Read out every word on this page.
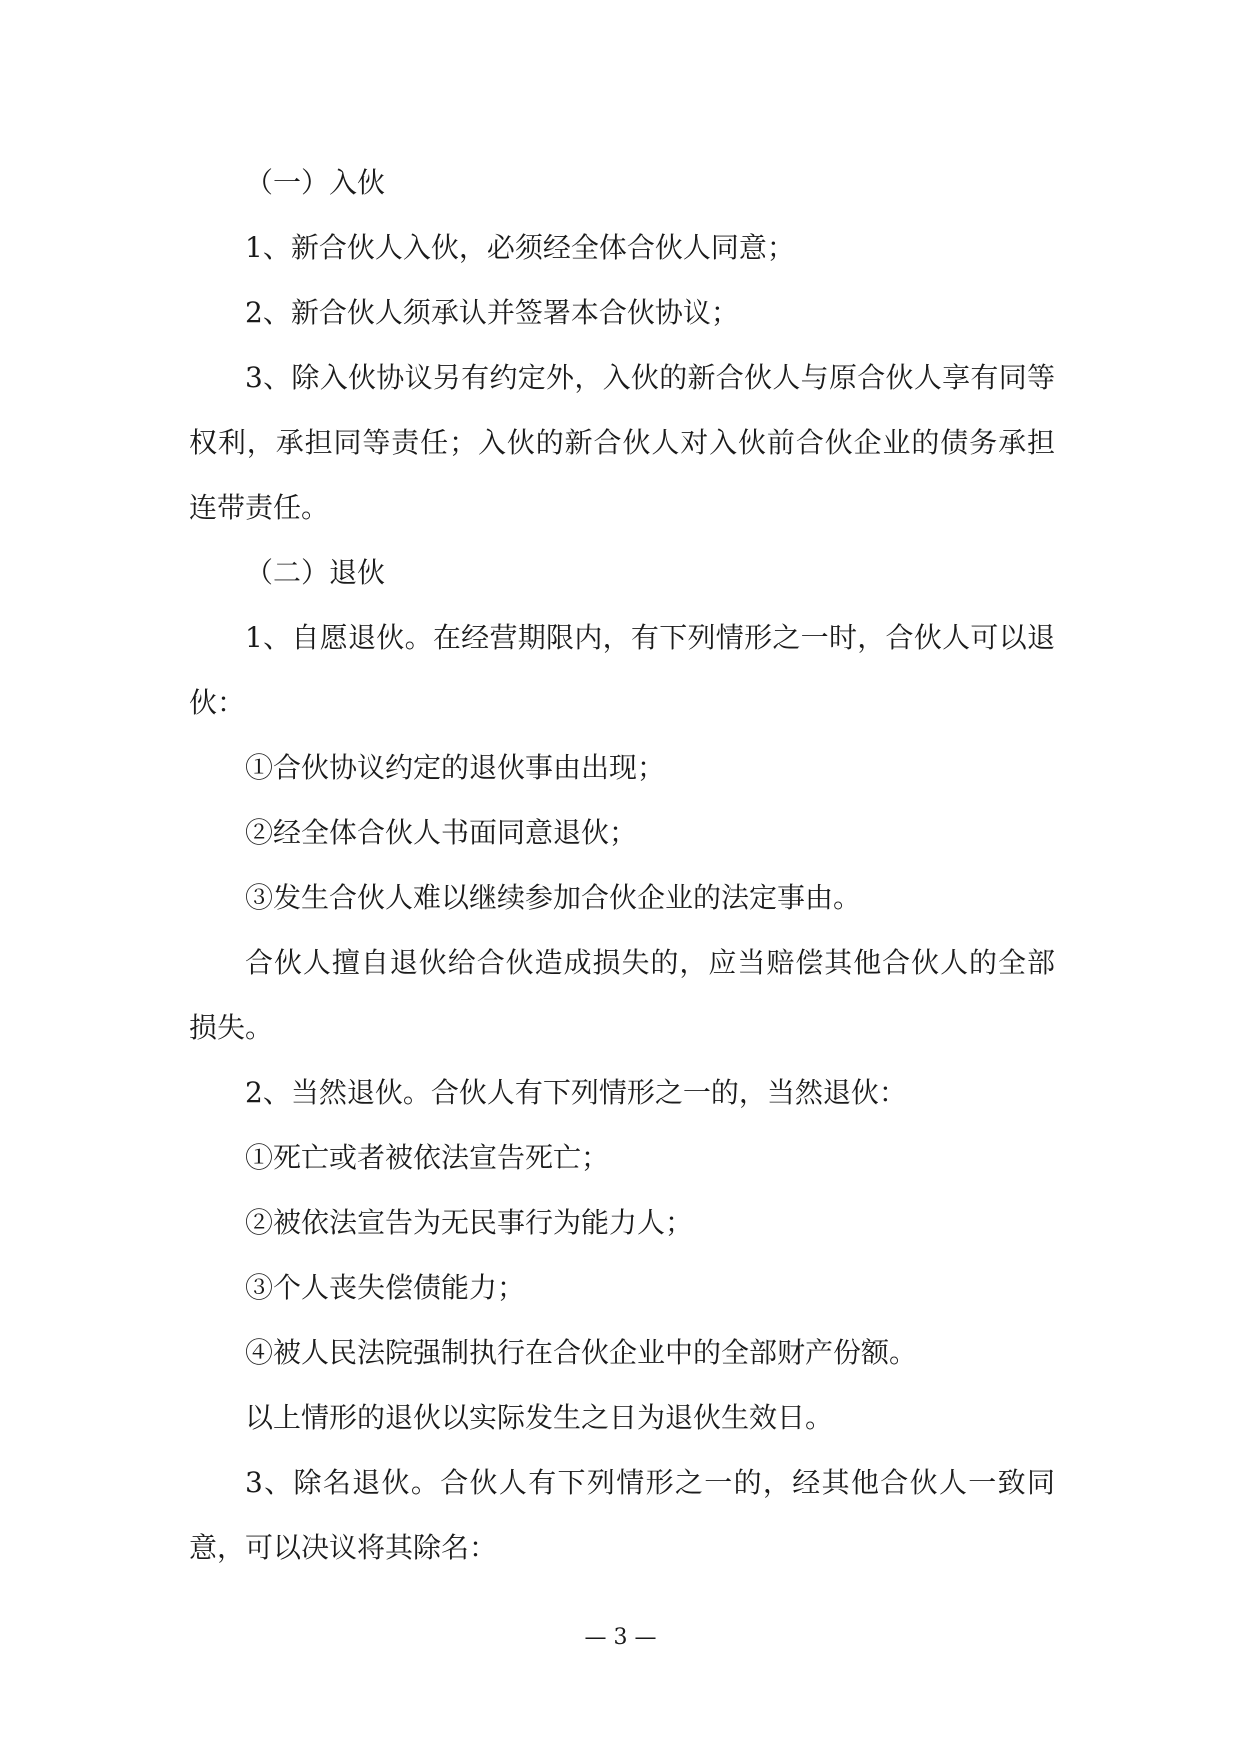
（一）入伙

1、新合伙人入伙，必须经全体合伙人同意；

2、新合伙人须承认并签署本合伙协议；

3、除入伙协议另有约定外，入伙的新合伙人与原合伙人享有同等权利，承担同等责任；入伙的新合伙人对入伙前合伙企业的债务承担连带责任。

（二）退伙

1、自愿退伙。在经营期限内，有下列情形之一时，合伙人可以退伙：

①合伙协议约定的退伙事由出现；

②经全体合伙人书面同意退伙；

③发生合伙人难以继续参加合伙企业的法定事由。

合伙人擅自退伙给合伙造成损失的，应当赔偿其他合伙人的全部损失。

2、当然退伙。合伙人有下列情形之一的，当然退伙：

①死亡或者被依法宣告死亡；

②被依法宣告为无民事行为能力人；

③个人丧失偿债能力；

④被人民法院强制执行在合伙企业中的全部财产份额。

以上情形的退伙以实际发生之日为退伙生效日。

3、除名退伙。合伙人有下列情形之一的，经其他合伙人一致同意，可以决议将其除名：

— 3 —
